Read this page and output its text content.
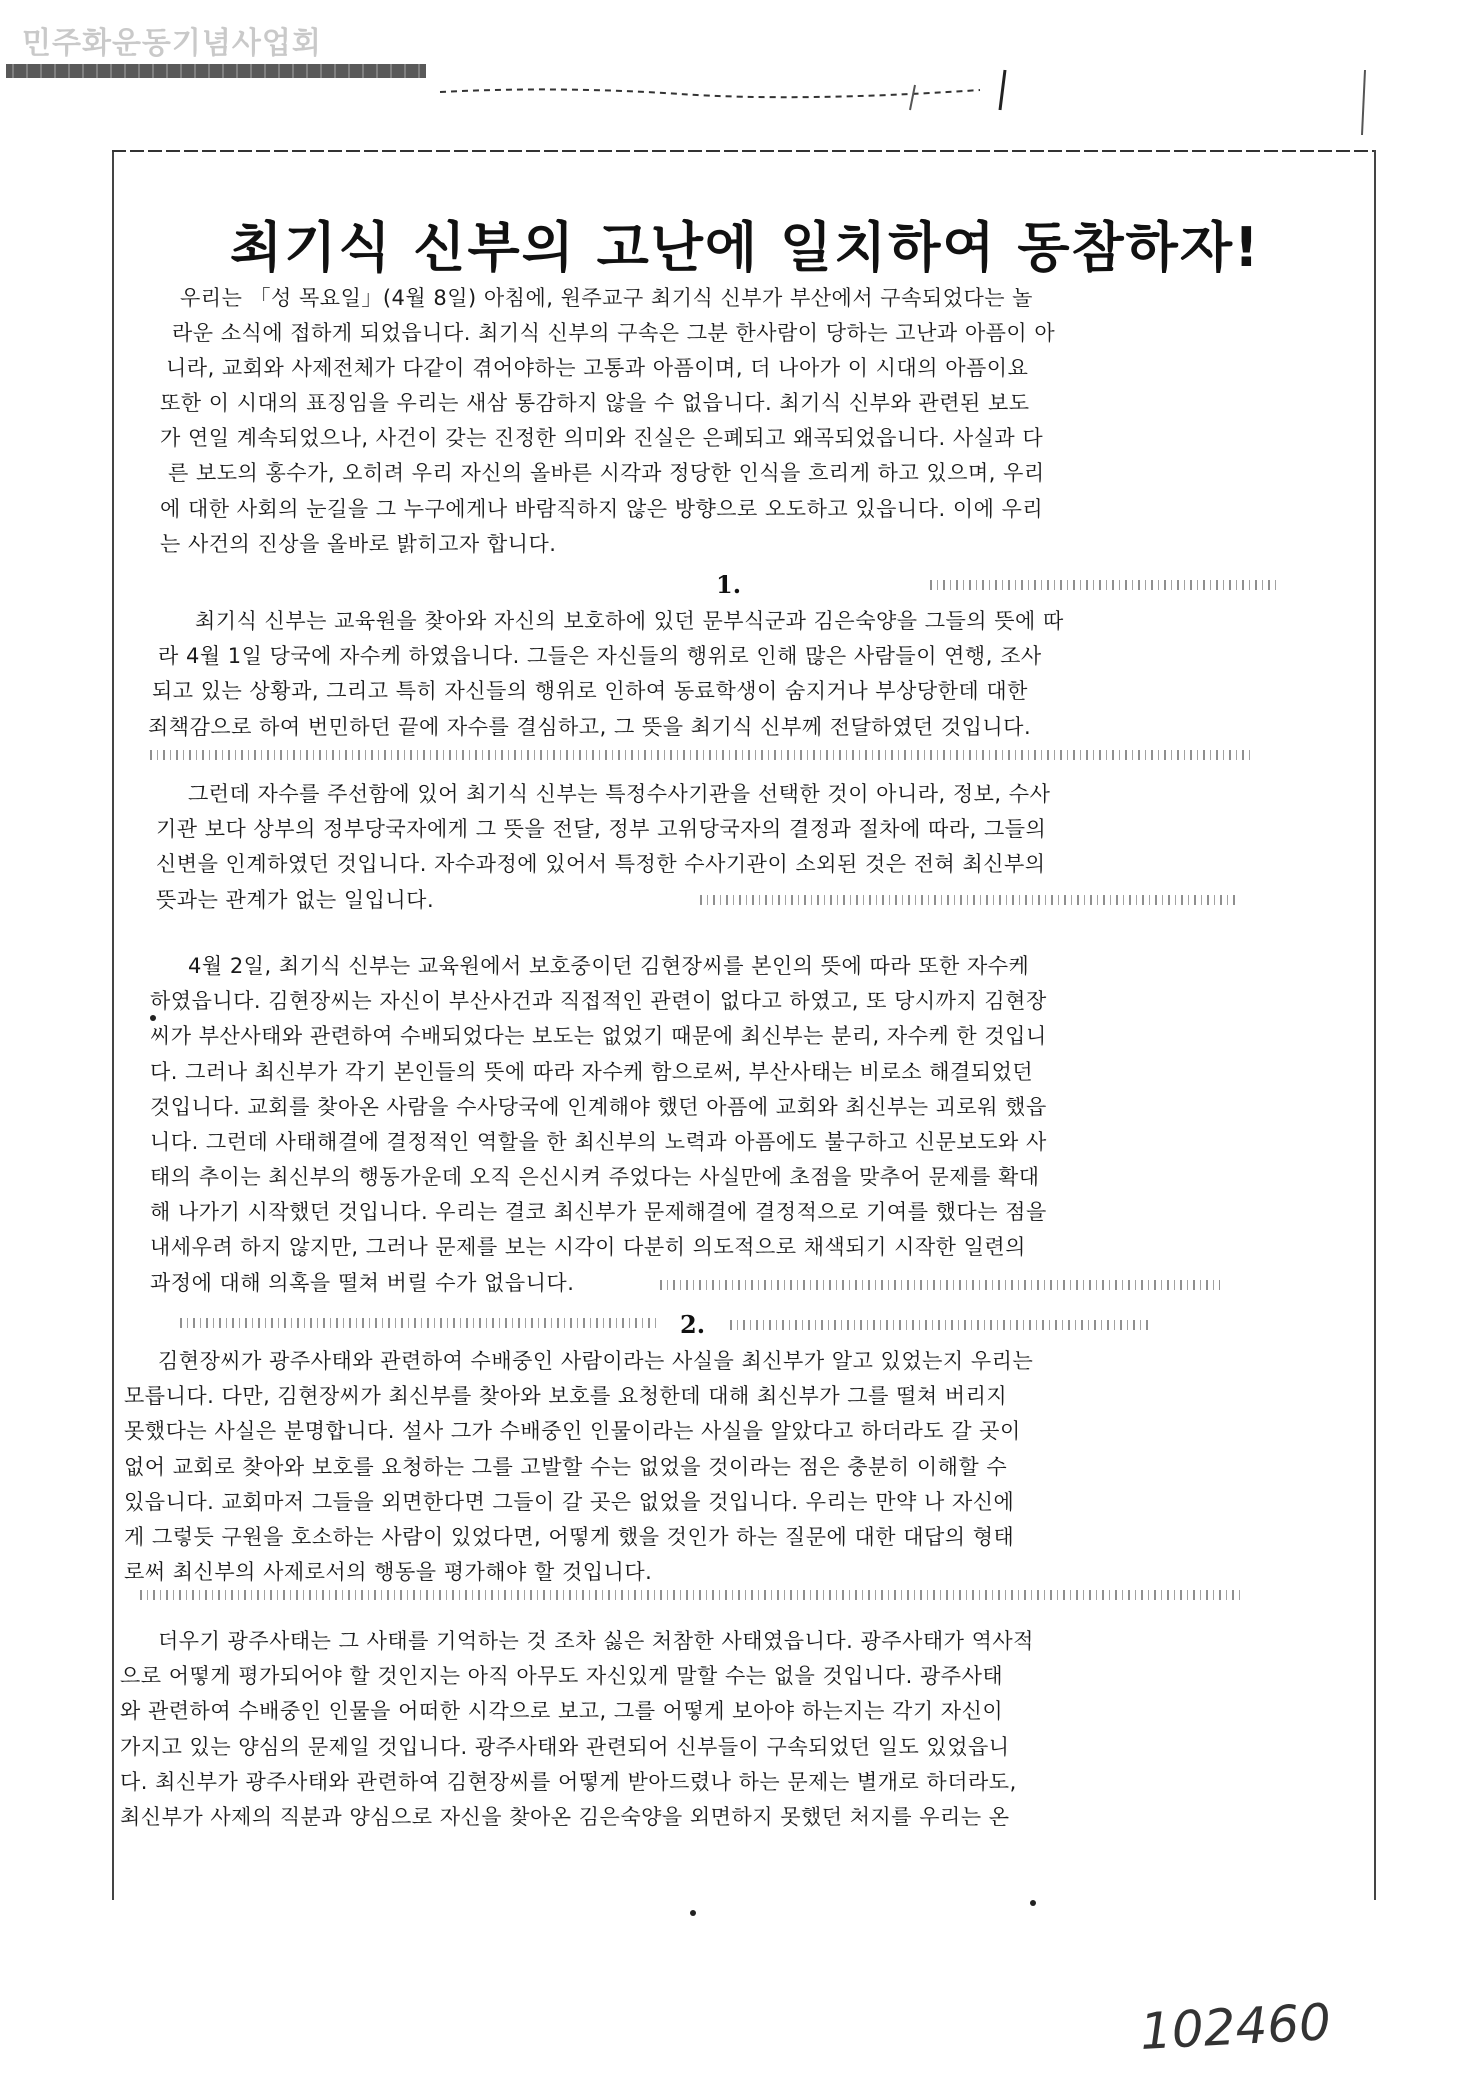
민주화운동기념사업회
최기식 신부의 고난에 일치하여 동참하자!
우리는 「성 목요일」(4월 8일) 아침에, 원주교구 최기식 신부가 부산에서 구속되었다는 놀
라운 소식에 접하게 되었읍니다. 최기식 신부의 구속은 그분 한사람이 당하는 고난과 아픔이 아
니라, 교회와 사제전체가 다같이 겪어야하는 고통과 아픔이며, 더 나아가 이 시대의 아픔이요
또한 이 시대의 표징임을 우리는 새삼 통감하지 않을 수 없읍니다. 최기식 신부와 관련된 보도
가 연일 계속되었으나, 사건이 갖는 진정한 의미와 진실은 은폐되고 왜곡되었읍니다. 사실과 다
른 보도의 홍수가, 오히려 우리 자신의 올바른 시각과 정당한 인식을 흐리게 하고 있으며, 우리
에 대한 사회의 눈길을 그 누구에게나 바람직하지 않은 방향으로 오도하고 있읍니다. 이에 우리
는 사건의 진상을 올바로 밝히고자 합니다.
1.
최기식 신부는 교육원을 찾아와 자신의 보호하에 있던 문부식군과 김은숙양을 그들의 뜻에 따
라 4월 1일 당국에 자수케 하였읍니다. 그들은 자신들의 행위로 인해 많은 사람들이 연행, 조사
되고 있는 상황과, 그리고 특히 자신들의 행위로 인하여 동료학생이 숨지거나 부상당한데 대한
죄책감으로 하여 번민하던 끝에 자수를 결심하고, 그 뜻을 최기식 신부께 전달하였던 것입니다.
그런데 자수를 주선함에 있어 최기식 신부는 특정수사기관을 선택한 것이 아니라, 정보, 수사
기관 보다 상부의 정부당국자에게 그 뜻을 전달, 정부 고위당국자의 결정과 절차에 따라, 그들의
신변을 인계하였던 것입니다. 자수과정에 있어서 특정한 수사기관이 소외된 것은 전혀 최신부의
뜻과는 관계가 없는 일입니다.
4월 2일, 최기식 신부는 교육원에서 보호중이던 김현장씨를 본인의 뜻에 따라 또한 자수케
하였읍니다. 김현장씨는 자신이 부산사건과 직접적인 관련이 없다고 하였고, 또 당시까지 김현장
씨가 부산사태와 관련하여 수배되었다는 보도는 없었기 때문에 최신부는 분리, 자수케 한 것입니
다. 그러나 최신부가 각기 본인들의 뜻에 따라 자수케 함으로써, 부산사태는 비로소 해결되었던
것입니다. 교회를 찾아온 사람을 수사당국에 인계해야 했던 아픔에 교회와 최신부는 괴로워 했읍
니다. 그런데 사태해결에 결정적인 역할을 한 최신부의 노력과 아픔에도 불구하고 신문보도와 사
태의 추이는 최신부의 행동가운데 오직 은신시켜 주었다는 사실만에 초점을 맞추어 문제를 확대
해 나가기 시작했던 것입니다. 우리는 결코 최신부가 문제해결에 결정적으로 기여를 했다는 점을
내세우려 하지 않지만, 그러나 문제를 보는 시각이 다분히 의도적으로 채색되기 시작한 일련의
과정에 대해 의혹을 떨쳐 버릴 수가 없읍니다.
2.
김현장씨가 광주사태와 관련하여 수배중인 사람이라는 사실을 최신부가 알고 있었는지 우리는
모릅니다. 다만, 김현장씨가 최신부를 찾아와 보호를 요청한데 대해 최신부가 그를 떨쳐 버리지
못했다는 사실은 분명합니다. 설사 그가 수배중인 인물이라는 사실을 알았다고 하더라도 갈 곳이
없어 교회로 찾아와 보호를 요청하는 그를 고발할 수는 없었을 것이라는 점은 충분히 이해할 수
있읍니다. 교회마저 그들을 외면한다면 그들이 갈 곳은 없었을 것입니다. 우리는 만약 나 자신에
게 그렇듯 구원을 호소하는 사람이 있었다면, 어떻게 했을 것인가 하는 질문에 대한 대답의 형태
로써 최신부의 사제로서의 행동을 평가해야 할 것입니다.
더우기 광주사태는 그 사태를 기억하는 것 조차 싫은 처참한 사태였읍니다. 광주사태가 역사적
으로 어떻게 평가되어야 할 것인지는 아직 아무도 자신있게 말할 수는 없을 것입니다. 광주사태
와 관련하여 수배중인 인물을 어떠한 시각으로 보고, 그를 어떻게 보아야 하는지는 각기 자신이
가지고 있는 양심의 문제일 것입니다. 광주사태와 관련되어 신부들이 구속되었던 일도 있었읍니
다. 최신부가 광주사태와 관련하여 김현장씨를 어떻게 받아드렸나 하는 문제는 별개로 하더라도,
최신부가 사제의 직분과 양심으로 자신을 찾아온 김은숙양을 외면하지 못했던 처지를 우리는 온
102460
